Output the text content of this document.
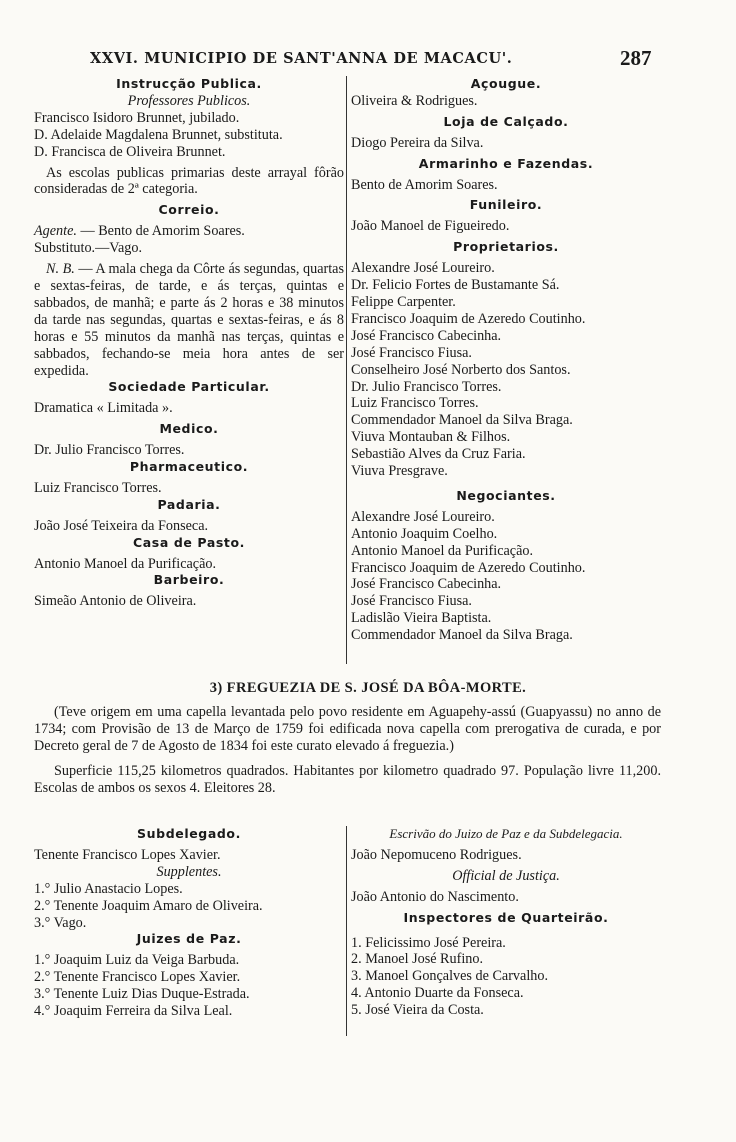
XXVI. MUNICIPIO DE SANT'ANNA DE MACACU'.	287
Instrucção Publica.
Professores Publicos.
Francisco Isidoro Brunnet, jubilado.
D. Adelaide Magdalena Brunnet, substituta.
D. Francisca de Oliveira Brunnet.
As escolas publicas primarias deste arrayal fôrão consideradas de 2ª categoria.
Correio.
Agente. — Bento de Amorim Soares.
Substituto.—Vago.
N. B. — A mala chega da Côrte ás segundas, quartas e sextas-feiras, de tarde, e ás terças, quintas e sabbados, de manhã; e parte ás 2 horas e 38 minutos da tarde nas segundas, quartas e sextas-feiras, e ás 8 horas e 55 minutos da manhã nas terças, quintas e sabbados, fechando-se meia hora antes de ser expedida.
Sociedade Particular.
Dramatica « Limitada ».
Medico.
Dr. Julio Francisco Torres.
Pharmaceutico.
Luiz Francisco Torres.
Padaria.
João José Teixeira da Fonseca.
Casa de Pasto.
Antonio Manoel da Purificação.
Barbeiro.
Simeão Antonio de Oliveira.
Açougue.
Oliveira & Rodrigues.
Loja de Calçado.
Diogo Pereira da Silva.
Armarinho e Fazendas.
Bento de Amorim Soares.
Funileiro.
João Manoel de Figueiredo.
Proprietarios.
Alexandre José Loureiro.
Dr. Felicio Fortes de Bustamante Sá.
Felippe Carpenter.
Francisco Joaquim de Azeredo Coutinho.
José Francisco Cabecinha.
José Francisco Fiusa.
Conselheiro José Norberto dos Santos.
Dr. Julio Francisco Torres.
Luiz Francisco Torres.
Commendador Manoel da Silva Braga.
Viuva Montauban & Filhos.
Sebastião Alves da Cruz Faria.
Viuva Presgrave.
Negociantes.
Alexandre José Loureiro.
Antonio Joaquim Coelho.
Antonio Manoel da Purificação.
Francisco Joaquim de Azeredo Coutinho.
José Francisco Cabecinha.
José Francisco Fiusa.
Ladislão Vieira Baptista.
Commendador Manoel da Silva Braga.
3) FREGUEZIA DE S. JOSÉ DA BÔA-MORTE.

(Teve origem em uma capella levantada pelo povo residente em Aguapehy-assú (Guapyassu) no anno de 1734; com Provisão de 13 de Março de 1759 foi edificada nova capella com prerogativa de curada, e por Decreto geral de 7 de Agosto de 1834 foi este curato elevado á freguezia.)

Superficie 115,25 kilometros quadrados. Habitantes por kilometro quadrado 97. População livre 11,200. Escolas de ambos os sexos 4. Eleitores 28.

Subdelegado.
Tenente Francisco Lopes Xavier.
Supplentes.
1.° Julio Anastacio Lopes.
2.° Tenente Joaquim Amaro de Oliveira.
3.° Vago.
Juizes de Paz.
1.° Joaquim Luiz da Veiga Barbuda.
2.° Tenente Francisco Lopes Xavier.
3.° Tenente Luiz Dias Duque-Estrada.
4.° Joaquim Ferreira da Silva Leal.
Escrivão do Juizo de Paz e da Subdelegacia.
João Nepomuceno Rodrigues.
Official de Justiça.
João Antonio do Nascimento.
Inspectores de Quarteirão.
1. Felicissimo José Pereira.
2. Manoel José Rufino.
3. Manoel Gonçalves de Carvalho.
4. Antonio Duarte da Fonseca.
5. José Vieira da Costa.
